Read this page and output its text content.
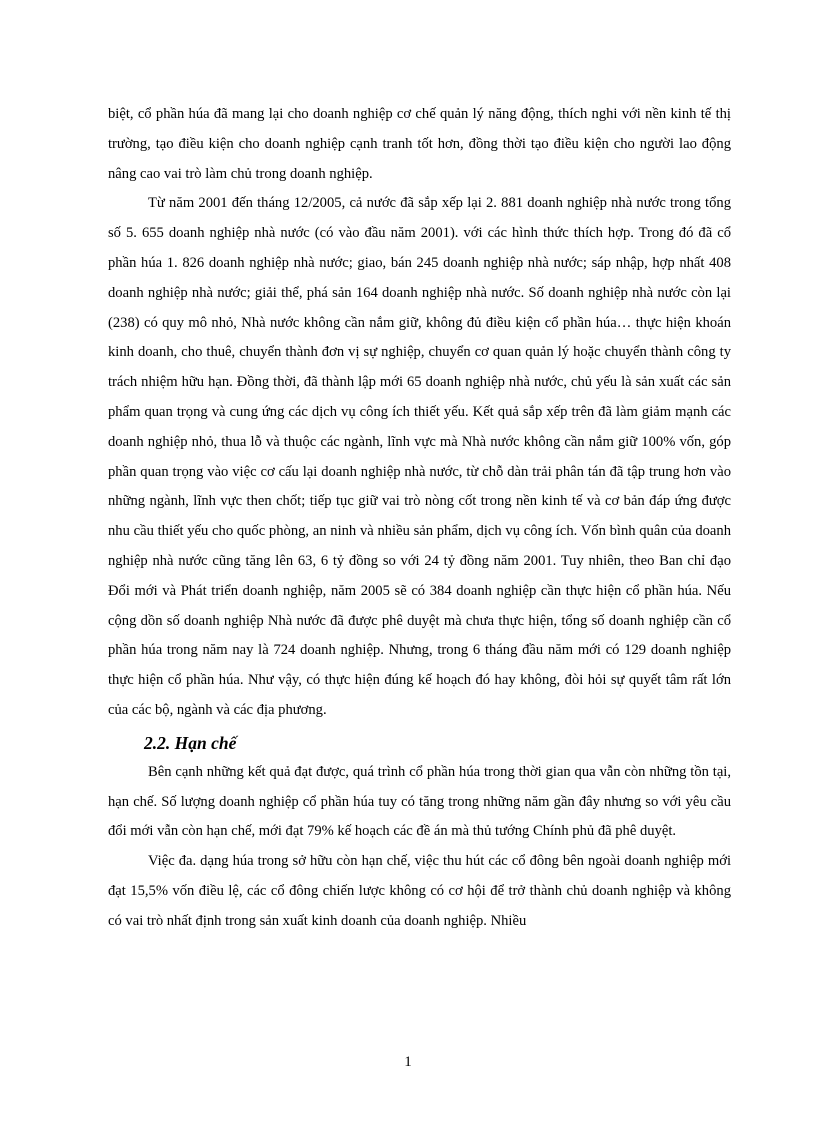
biệt, cổ phần húa đã mang lại cho doanh nghiệp cơ chế quản lý năng động, thích nghi với nền kinh tế thị trường, tạo điều kiện cho doanh nghiệp cạnh tranh tốt hơn, đồng thời tạo điều kiện cho người lao động nâng cao vai trò làm chủ trong doanh nghiệp.

Từ năm 2001 đến tháng 12/2005, cả nước đã sắp xếp lại 2. 881 doanh nghiệp nhà nước trong tổng số 5. 655 doanh nghiệp nhà nước (có vào đầu năm 2001). với các hình thức thích hợp. Trong đó đã cổ phần húa 1. 826 doanh nghiệp nhà nước; giao, bán 245 doanh nghiệp nhà nước; sáp nhập, hợp nhất 408 doanh nghiệp nhà nước; giải thể, phá sản 164 doanh nghiệp nhà nước. Số doanh nghiệp nhà nước còn lại (238) có quy mô nhỏ, Nhà nước không cần nắm giữ, không đủ điều kiện cổ phần húa… thực hiện khoán kinh doanh, cho thuê, chuyển thành đơn vị sự nghiệp, chuyển cơ quan quản lý hoặc chuyển thành công ty trách nhiệm hữu hạn. Đồng thời, đã thành lập mới 65 doanh nghiệp nhà nước, chủ yếu là sản xuất các sản phẩm quan trọng và cung ứng các dịch vụ công ích thiết yếu. Kết quả sắp xếp trên đã làm giảm mạnh các doanh nghiệp nhỏ, thua lỗ và thuộc các ngành, lĩnh vực mà Nhà nước không cần nắm giữ 100% vốn, góp phần quan trọng vào việc cơ cấu lại doanh nghiệp nhà nước, từ chỗ dàn trải phân tán đã tập trung hơn vào những ngành, lĩnh vực then chốt; tiếp tục giữ vai trò nòng cốt trong nền kinh tế và cơ bản đáp ứng được nhu cầu thiết yếu cho quốc phòng, an ninh và nhiều sản phẩm, dịch vụ công ích. Vốn bình quân của doanh nghiệp nhà nước cũng tăng lên 63, 6 tỷ đồng so với 24 tỷ đồng năm 2001. Tuy nhiên, theo Ban chỉ đạo Đổi mới và Phát triển doanh nghiệp, năm 2005 sẽ có 384 doanh nghiệp cần thực hiện cổ phần húa. Nếu cộng dồn số doanh nghiệp Nhà nước đã được phê duyệt mà chưa thực hiện, tổng số doanh nghiệp cần cổ phần húa trong năm nay là 724 doanh nghiệp. Nhưng, trong 6 tháng đầu năm mới có 129 doanh nghiệp thực hiện cổ phần húa. Như vậy, có thực hiện đúng kế hoạch đó hay không, đòi hỏi sự quyết tâm rất lớn của các bộ, ngành và các địa phương.

2.2. Hạn chế

Bên cạnh những kết quả đạt được, quá trình cổ phần húa trong thời gian qua vẫn còn những tồn tại, hạn chế. Số lượng doanh nghiệp cổ phần húa tuy có tăng trong những năm gần đây nhưng so với yêu cầu đổi mới vẫn còn hạn chế, mới đạt 79% kế hoạch các đề án mà thủ tướng Chính phủ đã phê duyệt.

Việc đa. dạng húa trong sở hữu còn hạn chế, việc thu hút các cổ đông bên ngoài doanh nghiệp mới đạt 15,5% vốn điều lệ, các cổ đông chiến lược không có cơ hội để trở thành chủ doanh nghiệp và không có vai trò nhất định trong sản xuất kinh doanh của doanh nghiệp. Nhiều

1
